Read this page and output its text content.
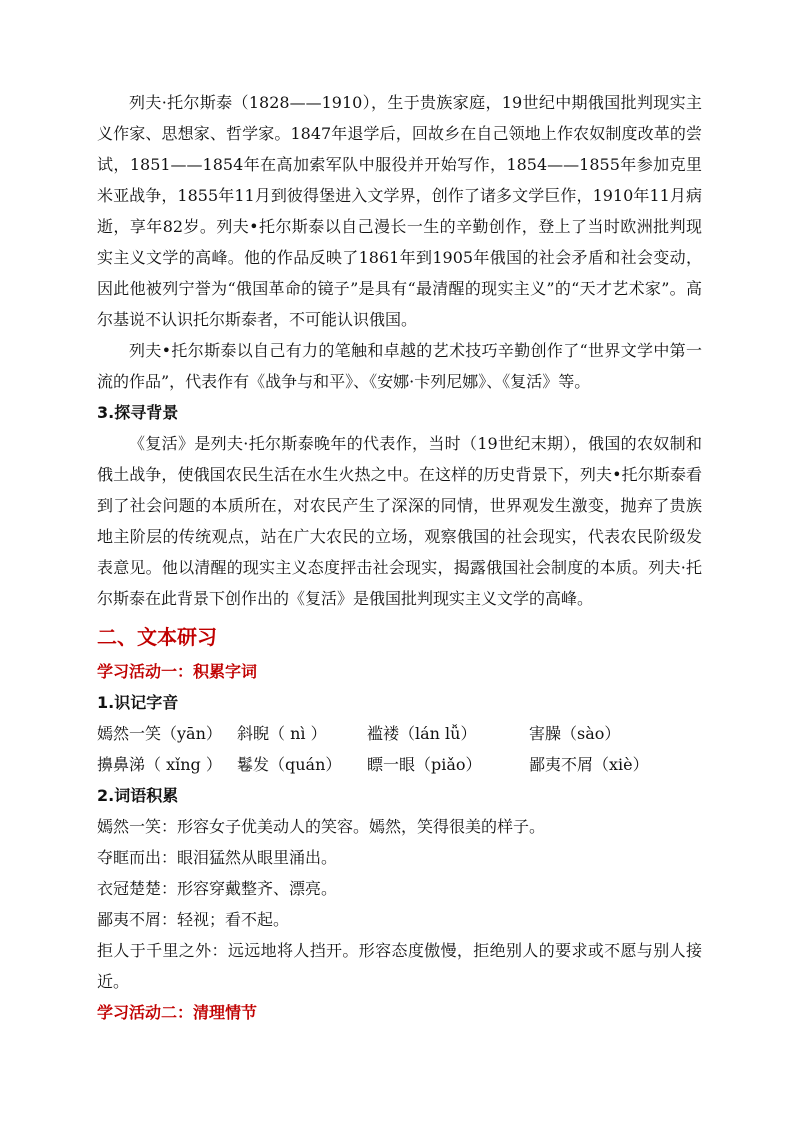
列夫·托尔斯泰（1828——1910），生于贵族家庭，19世纪中期俄国批判现实主义作家、思想家、哲学家。1847年退学后，回故乡在自己领地上作农奴制度改革的尝试，1851——1854年在高加索军队中服役并开始写作，1854——1855年参加克里米亚战争，1855年11月到彼得堡进入文学界，创作了诸多文学巨作，1910年11月病逝，享年82岁。列夫•托尔斯泰以自己漫长一生的辛勤创作，登上了当时欧洲批判现实主义文学的高峰。他的作品反映了1861年到1905年俄国的社会矛盾和社会变动，因此他被列宁誉为“俄国革命的镜子”是具有“最清醒的现实主义”的“天才艺术家”。高尔基说不认识托尔斯泰者，不可能认识俄国。

列夫•托尔斯泰以自己有力的笔触和卓越的艺术技巧辛勤创作了“世界文学中第一流的作品”，代表作有《战争与和平》、《安娜·卡列尼娜》、《复活》等。

3.探寻背景

《复活》是列夫·托尔斯泰晚年的代表作，当时（19世纪末期），俄国的农奴制和俄土战争，使俄国农民生活在水生火热之中。在这样的历史背景下，列夫•托尔斯泰看到了社会问题的本质所在，对农民产生了深深的同情，世界观发生激变，抛弃了贵族地主阶层的传统观点，站在广大农民的立场，观察俄国的社会现实，代表农民阶级发表意见。他以清醒的现实主义态度抨击社会现实，揭露俄国社会制度的本质。列夫·托尔斯泰在此背景下创作出的《复活》是俄国批判现实主义文学的高峰。

二、文本研习
学习活动一：积累字词
1.识记字音
嫣然一笑（yān） 斜睨（ nì ）	褴褛（lán lǚ）	害臊（sào）
擤鼻涕（ xǐng ） 鬈发（quán）	瞟一眼（piǎo）	鄙夷不屑（xiè）
2.词语积累

嫣然一笑：形容女子优美动人的笑容。嫣然，笑得很美的样子。

夺眶而出：眼泪猛然从眼里涌出。

衣冠楚楚：形容穿戴整齐、漂亮。

鄙夷不屑：轻视；看不起。

拒人于千里之外：远远地将人挡开。形容态度傲慢，拒绝别人的要求或不愿与别人接近。

学习活动二：清理情节
